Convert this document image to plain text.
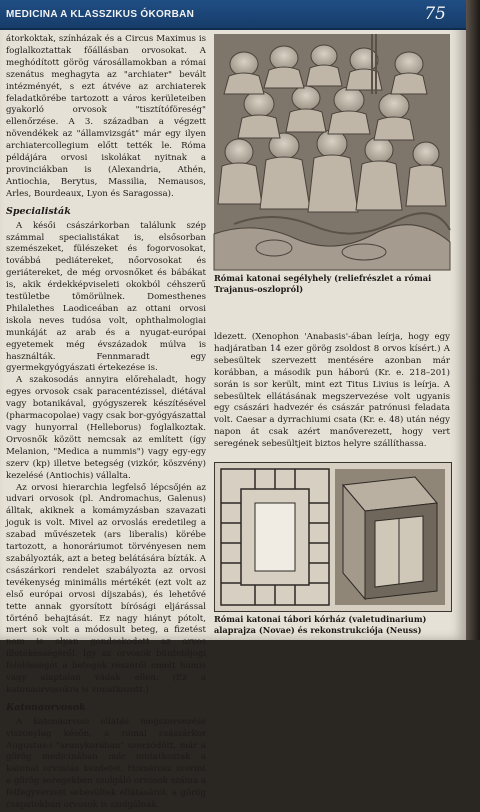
MEDICINA A KLASSZIKUS ÓKORBAN	75

átorkoktak, színházak és a Circus Maximus is foglalkoztattak főállásban orvosokat. A meghódított görög városállamokban a római szenátus meghagyta az "archiater" bevált intézményét, s ezt átvéve az archiaterek feladatkörébe tartozott a város kerületeiben gyakorló orvosok "tisztítóföreség" ellenőrzése. A 3. században a végzett növendékek az "államvizsgát" már egy ilyen archiatercollegium előtt tették le. Róma példájára orvosi iskolákat nyitnak a provinciákban is (Alexandria, Athén, Antiochia, Berytus, Massilia, Nemausos, Arles, Bourdeaux, Lyon és Saragossa).

Specialisták

A késői császárkorban találunk szép számmal specialistákat is, elsősorban szemészeket, fülészeket és fogorvosokat, továbbá pediátereket, nőorvosokat és geriátereket, de még orvosnőket és bábákat is, akik érdekképviseleti okokból céhszerű testületbe tömörülnek. Domesthenes Philalethes Laodiceában az ottani orvosi iskola neves tudósa volt, ophthalmologiai munkáját az arab és a nyugat-európai egyetemek még évszázadok múlva is használták. Fennmaradt egy gyermekgyógyászati értekezése is.

A szakosodás annyira előrehaladt, hogy egyes orvosok csak paracentézissel, diétával vagy botanikával, gyógyszerek készítésével (pharmacopolae) vagy csak bor-gyógyászattal vagy hunyorral (Helleborus) foglalkoztak. Orvosnők között nemcsak az említett (így Melanion, "Medica a nummis") vagy egy-egy szerv (kp) illetve betegség (vizkór, köszvény) kezelésé (Antiochis) vállalta.

Az orvosi hierarchia legfelső lépcsőjén az udvari orvosok (pl. Andromachus, Galenus) álltak, akiknek a komámyzásban szavazati joguk is volt. Mivel az orvoslás eredetileg a szabad művészetek (ars liberalis) körébe tartozott, a honoráriumot törvényesen nem szabályozták, azt a beteg belátására bízták. A császárkori rendelet szabályozta az orvosi tevékenység minimális mértékét (ezt volt az első európai orvosi díjszabás), és lehetővé tette annak gyorsított bírósági eljárással történő behajtását. Ez nagy hiányt pótolt, mert sok volt a módosult beteg, a fizetést nem is olyan gondoskodott az orvos illetékességéről. Így az orvosok büntetőjogi felelősségét a betegek részéről emelt hamis vagy alaptalan vádak ellen. (Ez a katonaorvosokra is vonatkozott.)

Katonaorvosok

A katonaorvosi ellátás megszervezése viszonylag későn, a római császárkor Augustus-i "aranykorában" szerződött, már a görög medicinában már mutatkoztak a katonai orvoslás kezdetei. Homérosz szerint a görög seregekben szolgáló orvosok száma a felfegyverzett sebesültek ellátásáról; a görög csapatokban orvosok is szolgálnak.

Római katonai segélyhely (reliefrészlet a római Trajanus-oszlopról)

ldezett. (Xenophon 'Anabasis'-ában leírja, hogy egy hadjáratban 14 ezer görög zsoldost 8 orvos kísért.) A sebesültek szervezett mentésére azonban már korábban, a második pun háború (Kr. e. 218–201) során is sor került, mint ezt Titus Livius is leírja. A sebesültek ellátásának megszervezése volt ugyanis egy császári hadvezér és császár patrónusi feladata volt. Caesar a dyrrachiumi csata (Kr. e. 48) után négy napon át csak azért manőverezett, hogy vert seregének sebesültjeit biztos helyre szállíthassa.

Római katonai tábori kórház (valetudinarium) alaprajza (Novae) és rekonstrukciója (Neuss)
